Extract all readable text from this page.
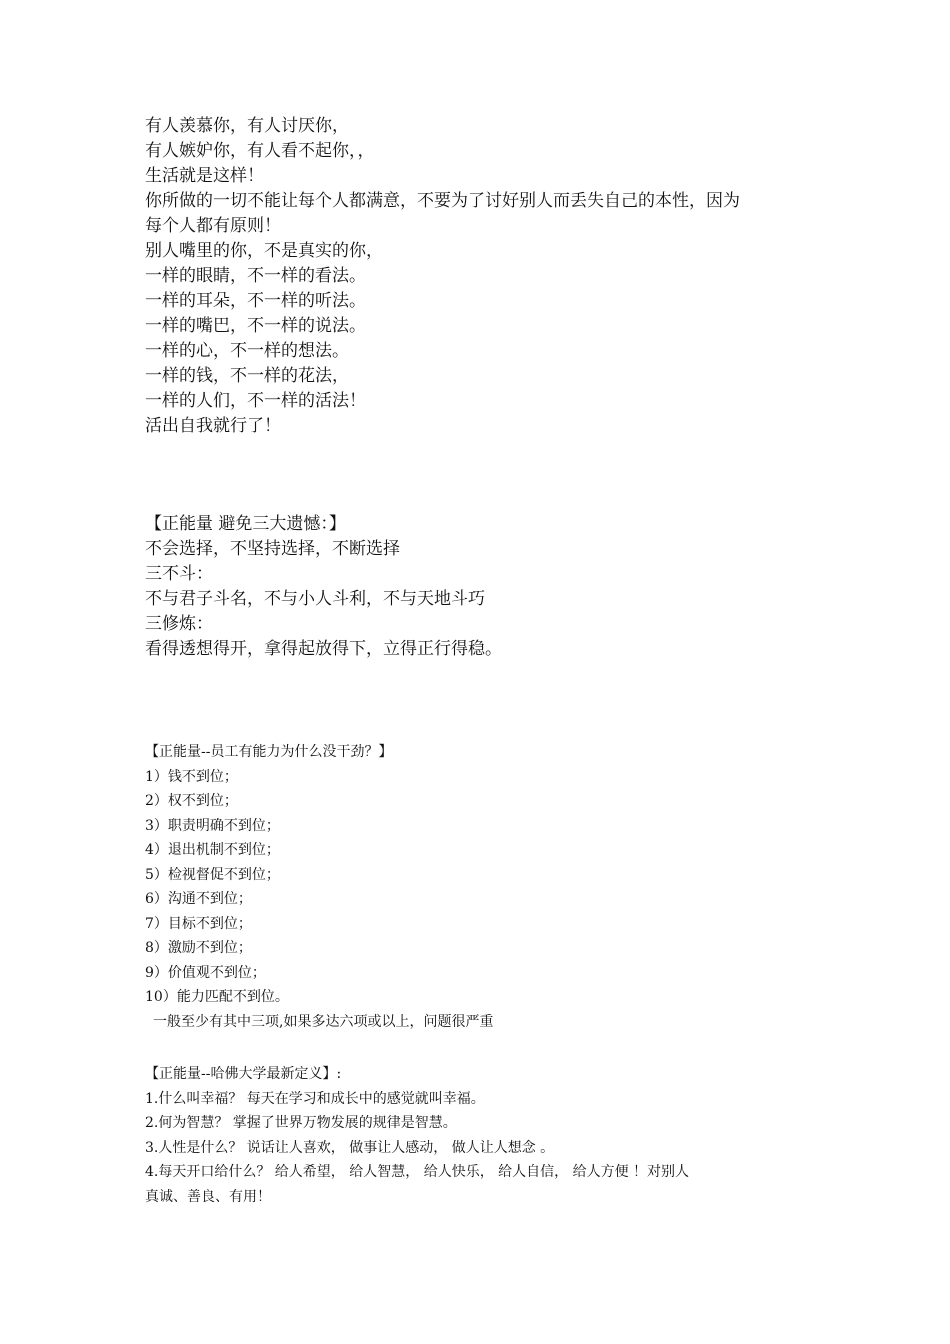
有人羡慕你，有人讨厌你，

有人嫉妒你，有人看不起你，，

生活就是这样！

你所做的一切不能让每个人都满意，不要为了讨好别人而丢失自己的本性，因为

每个人都有原则！

别人嘴里的你，不是真实的你，

一样的眼睛，不一样的看法。

一样的耳朵，不一样的听法。

一样的嘴巴，不一样的说法。

一样的心，不一样的想法。

一样的钱，不一样的花法，

一样的人们，不一样的活法！

活出自我就行了！

【正能量 避免三大遗憾：】

不会选择，不坚持选择，不断选择

三不斗：

不与君子斗名，不与小人斗利，不与天地斗巧

三修炼：

看得透想得开，拿得起放得下，立得正行得稳。

【正能量--员工有能力为什么没干劲？】

1）钱不到位；

2）权不到位；

3）职责明确不到位；

4）退出机制不到位；

5）检视督促不到位；

6）沟通不到位；

7）目标不到位；

8）激励不到位；

9）价值观不到位；

10）能力匹配不到位。

一般至少有其中三项,如果多达六项或以上，问题很严重

【正能量--哈佛大学最新定义】:

1.什么叫幸福？ 每天在学习和成长中的感觉就叫幸福。

2.何为智慧？ 掌握了世界万物发展的规律是智慧。

3.人性是什么？ 说话让人喜欢， 做事让人感动， 做人让人想念 。

4.每天开口给什么？ 给人希望， 给人智慧， 给人快乐， 给人自信， 给人方便 ！对别人

真诚、善良、有用！
